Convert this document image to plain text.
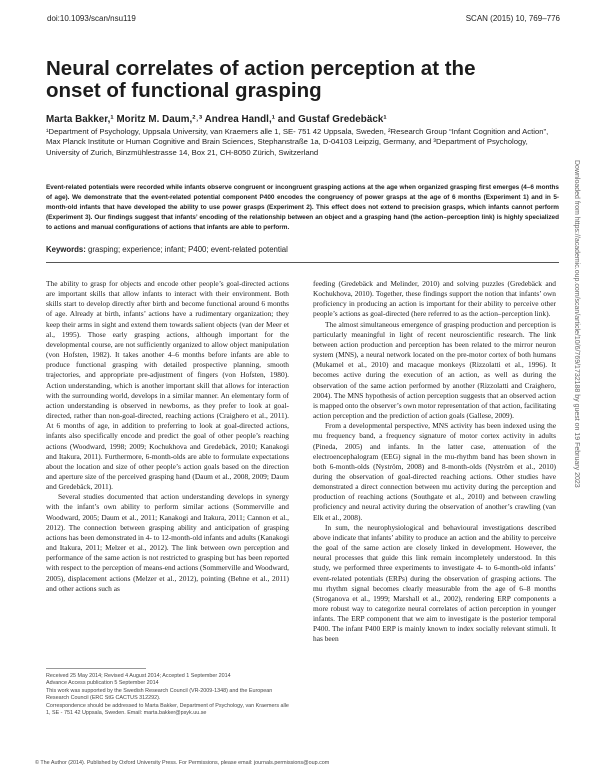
doi:10.1093/scan/nsu119	SCAN (2015) 10, 769–776
Neural correlates of action perception at the onset of functional grasping
Marta Bakker,¹ Moritz M. Daum,²˒³ Andrea Handl,¹ and Gustaf Gredebäck¹
¹Department of Psychology, Uppsala University, van Kraemers alle 1, SE- 751 42 Uppsala, Sweden, ²Research Group “Infant Cognition and Action”, Max Planck Institute or Human Cognitive and Brain Sciences, Stephanstraße 1a, D-04103 Leipzig, Germany, and ³Department of Psychology, University of Zurich, Binzmühlestrasse 14, Box 21, CH-8050 Zürich, Switzerland
Event-related potentials were recorded while infants observe congruent or incongruent grasping actions at the age when organized grasping first emerges (4–6 months of age). We demonstrate that the event-related potential component P400 encodes the congruency of power grasps at the age of 6 months (Experiment 1) and in 5-month-old infants that have developed the ability to use power grasps (Experiment 2). This effect does not extend to precision grasps, which infants cannot perform (Experiment 3). Our findings suggest that infants’ encoding of the relationship between an object and a grasping hand (the action–perception link) is highly specialized to actions and manual configurations of actions that infants are able to perform.
Keywords: grasping; experience; infant; P400; event-related potential

The ability to grasp for objects and encode other people’s goal-directed actions are important skills that allow infants to interact with their environment. Both skills start to develop directly after birth and become functional around 6 months of age. Already at birth, infants’ actions have a rudimentary organization; they keep their arms in sight and extend them towards salient objects (van der Meer et al., 1995). Those early grasping actions, although important for the developmental course, are not sufficiently organized to allow object manipulation (von Hofsten, 1982). It takes another 4–6 months before infants are able to produce functional grasping with detailed prospective planning, smooth trajectories, and appropriate pre-adjustment of fingers (von Hofsten, 1980). Action understanding, which is another important skill that allows for interaction with the surrounding world, develops in a similar manner. An elementary form of action understanding is observed in newborns, as they prefer to look at goal-directed, rather than non-goal-directed, reaching actions (Craighero et al., 2011). At 6 months of age, in addition to preferring to look at goal-directed actions, infants also specifically encode and predict the goal of other people’s reaching actions (Woodward, 1998; 2009; Kochukhova and Gredebäck, 2010; Kanakogi and Itakura, 2011). Furthermore, 6-month-olds are able to formulate expectations about the location and size of other people’s action goals based on the direction and aperture size of the perceived grasping hand (Daum et al., 2008, 2009; Daum and Gredebäck, 2011).

Several studies documented that action understanding develops in synergy with the infant’s own ability to perform similar actions (Sommerville and Woodward, 2005; Daum et al., 2011; Kanakogi and Itakura, 2011; Cannon et al., 2012). The connection between grasping ability and anticipation of grasping actions has been demonstrated in 4- to 12-month-old infants and adults (Kanakogi and Itakura, 2011; Melzer et al., 2012). The link between own perception and performance of the same action is not restricted to grasping but has been reported with respect to the perception of means-end actions (Sommerville and Woodward, 2005), displacement actions (Melzer et al., 2012), pointing (Behne et al., 2011) and other actions such as

feeding (Gredebäck and Melinder, 2010) and solving puzzles (Gredebäck and Kochukhova, 2010). Together, these findings support the notion that infants’ own proficiency in producing an action is important for their ability to perceive other people’s actions as goal-directed (here referred to as the action–perception link).

The almost simultaneous emergence of grasping production and perception is particularly meaningful in light of recent neuroscientific research. The link between action production and perception has been related to the mirror neuron system (MNS), a neural network located on the pre-motor cortex of both humans (Mukamel et al., 2010) and macaque monkeys (Rizzolatti et al., 1996). It becomes active during the execution of an action, as well as during the observation of the same action performed by another (Rizzolatti and Craighero, 2004). The MNS hypothesis of action perception suggests that an observed action is mapped onto the observer’s own motor representation of that action, facilitating action perception and the prediction of action goals (Gallese, 2009).

From a developmental perspective, MNS activity has been indexed using the mu frequency band, a frequency signature of motor cortex activity in adults (Pineda, 2005) and infants. In the latter case, attenuation of the electroencephalogram (EEG) signal in the mu-rhythm band has been shown in both 6-month-olds (Nyström, 2008) and 8-month-olds (Nyström et al., 2010) during the observation of goal-directed reaching actions. Other studies have demonstrated a direct connection between mu activity during the perception and production of reaching actions (Southgate et al., 2010) and between crawling proficiency and neural activity during the observation of another’s crawling (van Elk et al., 2008).

In sum, the neurophysiological and behavioural investigations described above indicate that infants’ ability to produce an action and the ability to perceive the goal of the same action are closely linked in development. However, the neural processes that guide this link remain incompletely understood. In this study, we performed three experiments to investigate 4- to 6-month-old infants’ event-related potentials (ERPs) during the observation of grasping actions. The mu rhythm signal becomes clearly measurable from the age of 6–8 months (Stroganova et al., 1999; Marshall et al., 2002), rendering ERP components a more robust way to categorize neural correlates of action perception in younger infants. The ERP component that we aim to investigate is the posterior temporal P400. The infant P400 ERP is mainly known to index socially relevant stimuli. It has been

Received 25 May 2014; Revised 4 August 2014; Accepted 1 September 2014
Advance Access publication 5 September 2014
This work was supported by the Swedish Research Council (VR-2009-1348) and the European Research Council (ERC StG CACTUS 312292).
Correspondence should be addressed to Marta Bakker, Department of Psychology, van Kraemers alle 1, SE - 751 42 Uppsala, Sweden. Email: marta.bakker@psyk.uu.se
© The Author (2014). Published by Oxford University Press. For Permissions, please email: journals.permissions@oup.com
Downloaded from https://academic.oup.com/scan/article/10/6/769/1732188 by guest on 19 February 2023
